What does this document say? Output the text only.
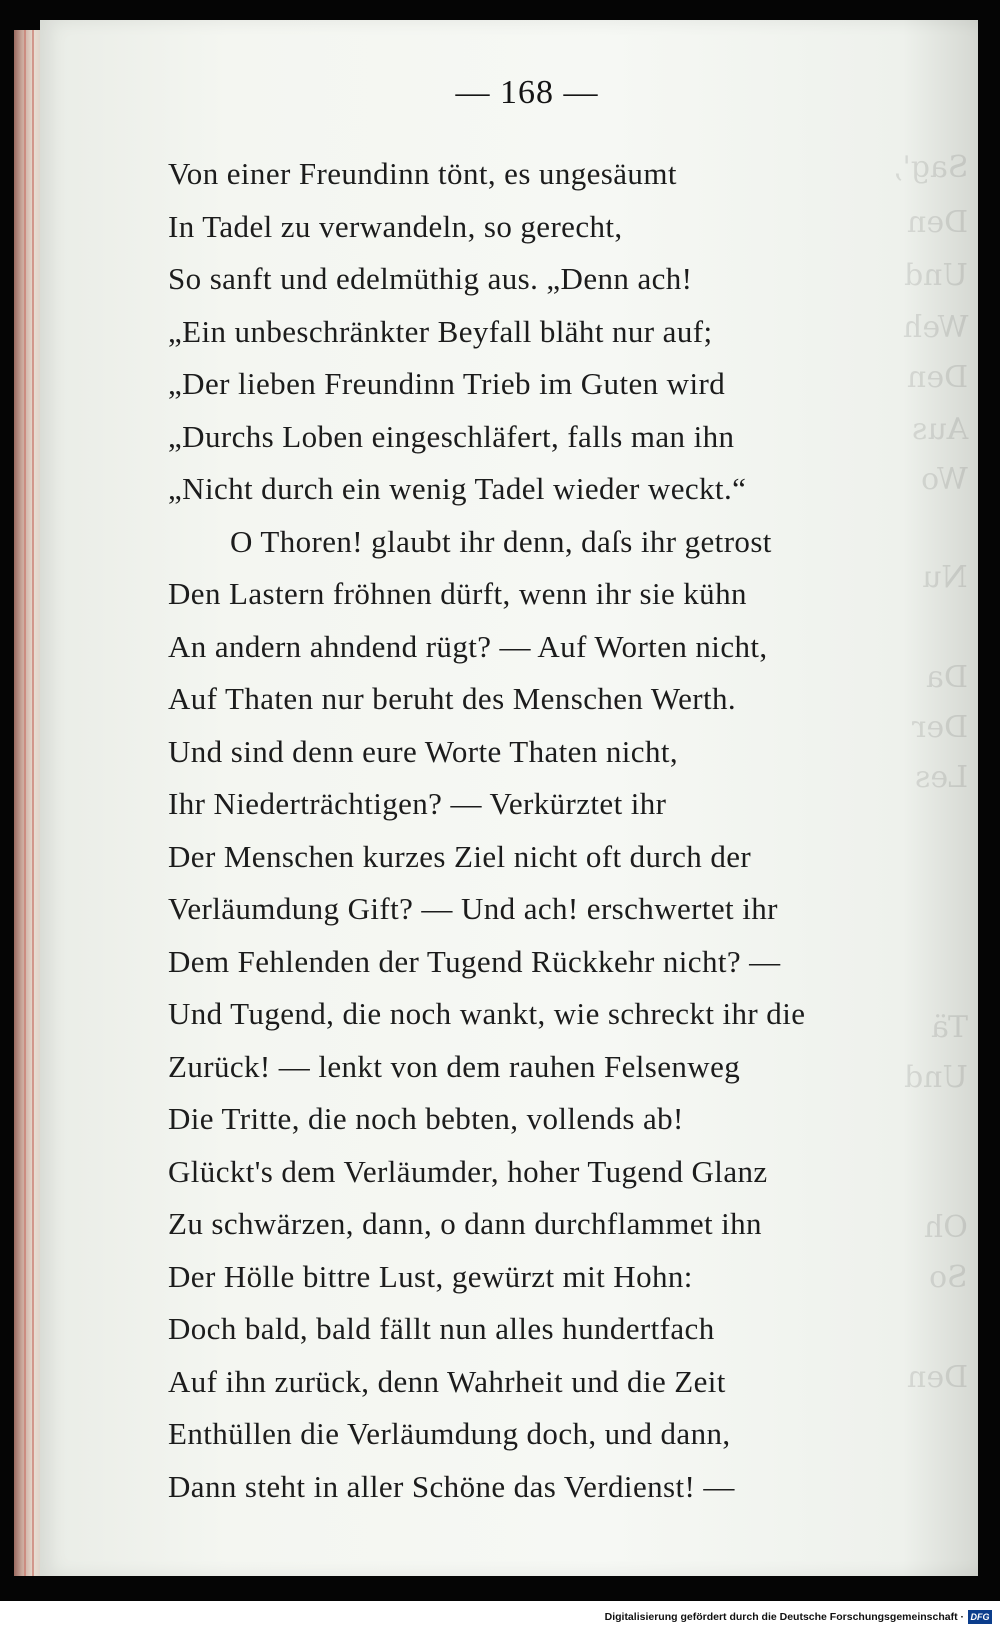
Sag',
Den
Und
Weh
Den
Aus
Wo
Nu
Da
Der
Les
Tä
Und
Oh
So
Den
— 168 —
Von einer Freundinn tönt, es ungesäumt
In Tadel zu verwandeln, so gerecht,
So sanft und edelmüthig aus. „Denn ach!
„Ein unbeschränkter Beyfall bläht nur auf;
„Der lieben Freundinn Trieb im Guten wird
„Durchs Loben eingeschläfert, falls man ihn
„Nicht durch ein wenig Tadel wieder weckt.“
O Thoren! glaubt ihr denn, daſs ihr getrost
Den Lastern fröhnen dürft, wenn ihr sie kühn
An andern ahndend rügt? — Auf Worten nicht,
Auf Thaten nur beruht des Menschen Werth.
Und sind denn eure Worte Thaten nicht,
Ihr Niederträchtigen? — Verkürztet ihr
Der Menschen kurzes Ziel nicht oft durch der
Verläumdung Gift? — Und ach! erschwertet ihr
Dem Fehlenden der Tugend Rückkehr nicht? —
Und Tugend, die noch wankt, wie schreckt ihr die
Zurück! — lenkt von dem rauhen Felsenweg
Die Tritte, die noch bebten, vollends ab!
Glückt's dem Verläumder, hoher Tugend Glanz
Zu schwärzen, dann, o dann durchflammet ihn
Der Hölle bittre Lust, gewürzt mit Hohn:
Doch bald, bald fällt nun alles hundertfach
Auf ihn zurück, denn Wahrheit und die Zeit
Enthüllen die Verläumdung doch, und dann,
Dann steht in aller Schöne das Verdienst! —
Digitalisierung gefördert durch die Deutsche Forschungsgemeinschaft · DFG
